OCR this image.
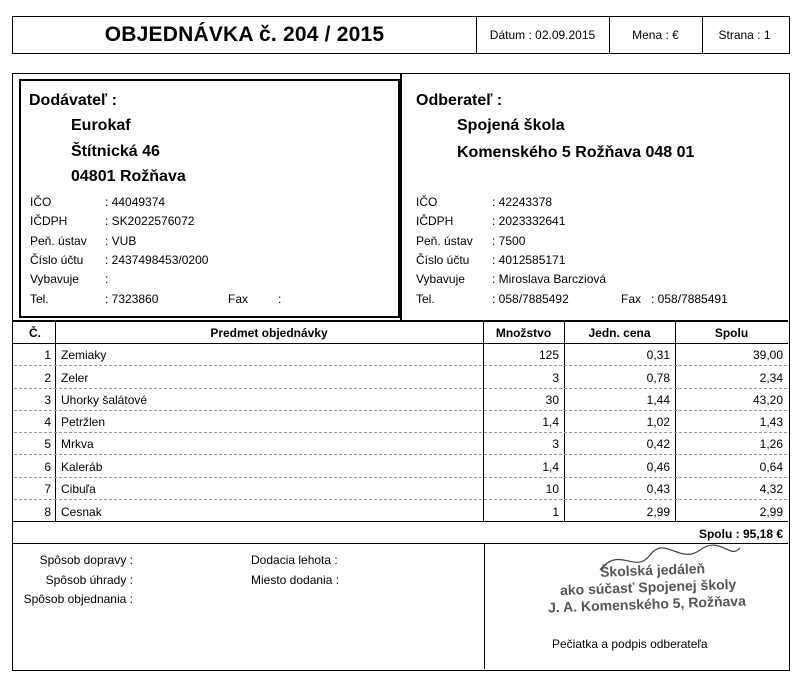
OBJEDNÁVKA č. 204 / 2015	Dátum : 02.09.2015	Mena : €	Strana : 1
Dodávateľ :
Eurokaf
Štítnická 46
04801 Rožňava
IČO	: 44049374
IČDPH	: SK2022576072
Peň. ústav : VUB
Číslo účtu : 2437498453/0200
Vybavuje :
Tel.	: 7323860	Fax :
Odberateľ :
Spojená škola
Komenského 5 Rožňava 048 01
IČO	: 42243378
IČDPH	: 2023332641
Peň. ústav : 7500
Číslo účtu : 4012585171
Vybavuje : Miroslava Barcziová
Tel.	: 058/7885492	Fax : 058/7885491
Č.	Predmet objednávky	Množstvo	Jedn. cena	Spolu
1 Zemiaky	125	0,31	39,00
2 Zeler	3	0,78	2,34
3 Uhorky šalátové	30	1,44	43,20
4 Petržlen	1,4	1,02	1,43
5 Mrkva	3	0,42	1,26
6 Kaleráb	1,4	0,46	0,64
7 Cibuľa	10	0,43	4,32
8 Cesnak	1	2,99	2,99
Spolu : 95,18 €
Spôsob dopravy :
Spôsob úhrady :
Spôsob objednania :
Dodacia lehota :
Miesto dodania :
Školská jedáleň
ako súčasť Spojenej školy
J. A. Komenského 5, Rožňava
Pečiatka a podpis odberateľa
